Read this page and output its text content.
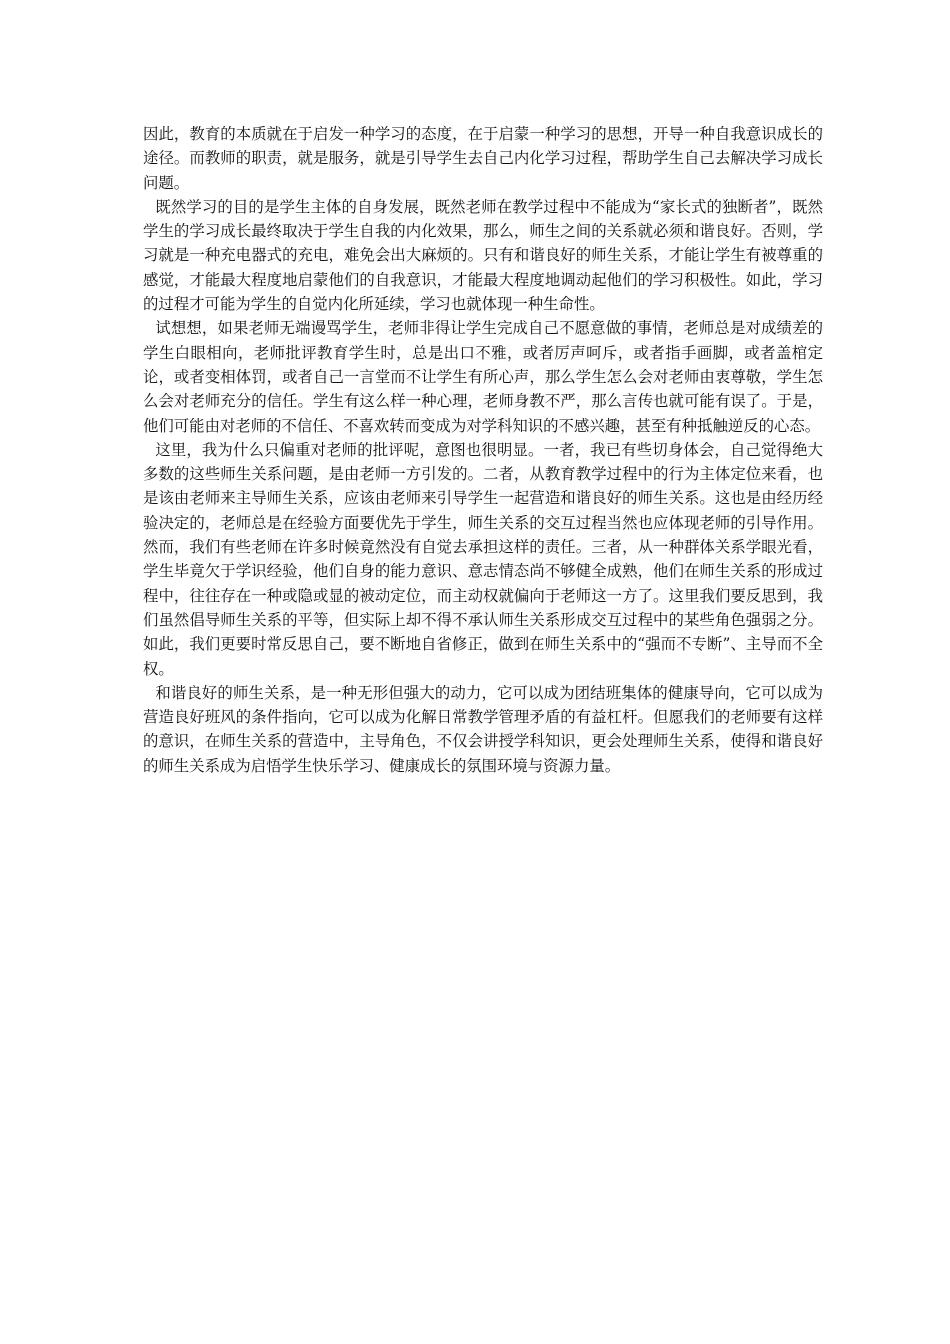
因此，教育的本质就在于启发一种学习的态度，在于启蒙一种学习的思想，开导一种自我意识成长的途径。而教师的职责，就是服务，就是引导学生去自己内化学习过程，帮助学生自己去解决学习成长问题。

既然学习的目的是学生主体的自身发展，既然老师在教学过程中不能成为“家长式的独断者”，既然学生的学习成长最终取决于学生自我的内化效果，那么，师生之间的关系就必须和谐良好。否则，学习就是一种充电器式的充电，难免会出大麻烦的。只有和谐良好的师生关系，才能让学生有被尊重的感觉，才能最大程度地启蒙他们的自我意识，才能最大程度地调动起他们的学习积极性。如此，学习的过程才可能为学生的自觉内化所延续，学习也就体现一种生命性。

试想想，如果老师无端谩骂学生，老师非得让学生完成自己不愿意做的事情，老师总是对成绩差的学生白眼相向，老师批评教育学生时，总是出口不雅，或者厉声呵斥，或者指手画脚，或者盖棺定论，或者变相体罚，或者自己一言堂而不让学生有所心声，那么学生怎么会对老师由衷尊敬，学生怎么会对老师充分的信任。学生有这么样一种心理，老师身教不严，那么言传也就可能有误了。于是，他们可能由对老师的不信任、不喜欢转而变成为对学科知识的不感兴趣，甚至有种抵触逆反的心态。

这里，我为什么只偏重对老师的批评呢，意图也很明显。一者，我已有些切身体会，自己觉得绝大多数的这些师生关系问题，是由老师一方引发的。二者，从教育教学过程中的行为主体定位来看，也是该由老师来主导师生关系，应该由老师来引导学生一起营造和谐良好的师生关系。这也是由经历经验决定的，老师总是在经验方面要优先于学生，师生关系的交互过程当然也应体现老师的引导作用。然而，我们有些老师在许多时候竟然没有自觉去承担这样的责任。三者，从一种群体关系学眼光看，学生毕竟欠于学识经验，他们自身的能力意识、意志情态尚不够健全成熟，他们在师生关系的形成过程中，往往存在一种或隐或显的被动定位，而主动权就偏向于老师这一方了。这里我们要反思到，我们虽然倡导师生关系的平等，但实际上却不得不承认师生关系形成交互过程中的某些角色强弱之分。如此，我们更要时常反思自己，要不断地自省修正，做到在师生关系中的“强而不专断”、主导而不全权。

和谐良好的师生关系，是一种无形但强大的动力，它可以成为团结班集体的健康导向，它可以成为营造良好班风的条件指向，它可以成为化解日常教学管理矛盾的有益杠杆。但愿我们的老师要有这样的意识，在师生关系的营造中，主导角色，不仅会讲授学科知识，更会处理师生关系，使得和谐良好的师生关系成为启悟学生快乐学习、健康成长的氛围环境与资源力量。
